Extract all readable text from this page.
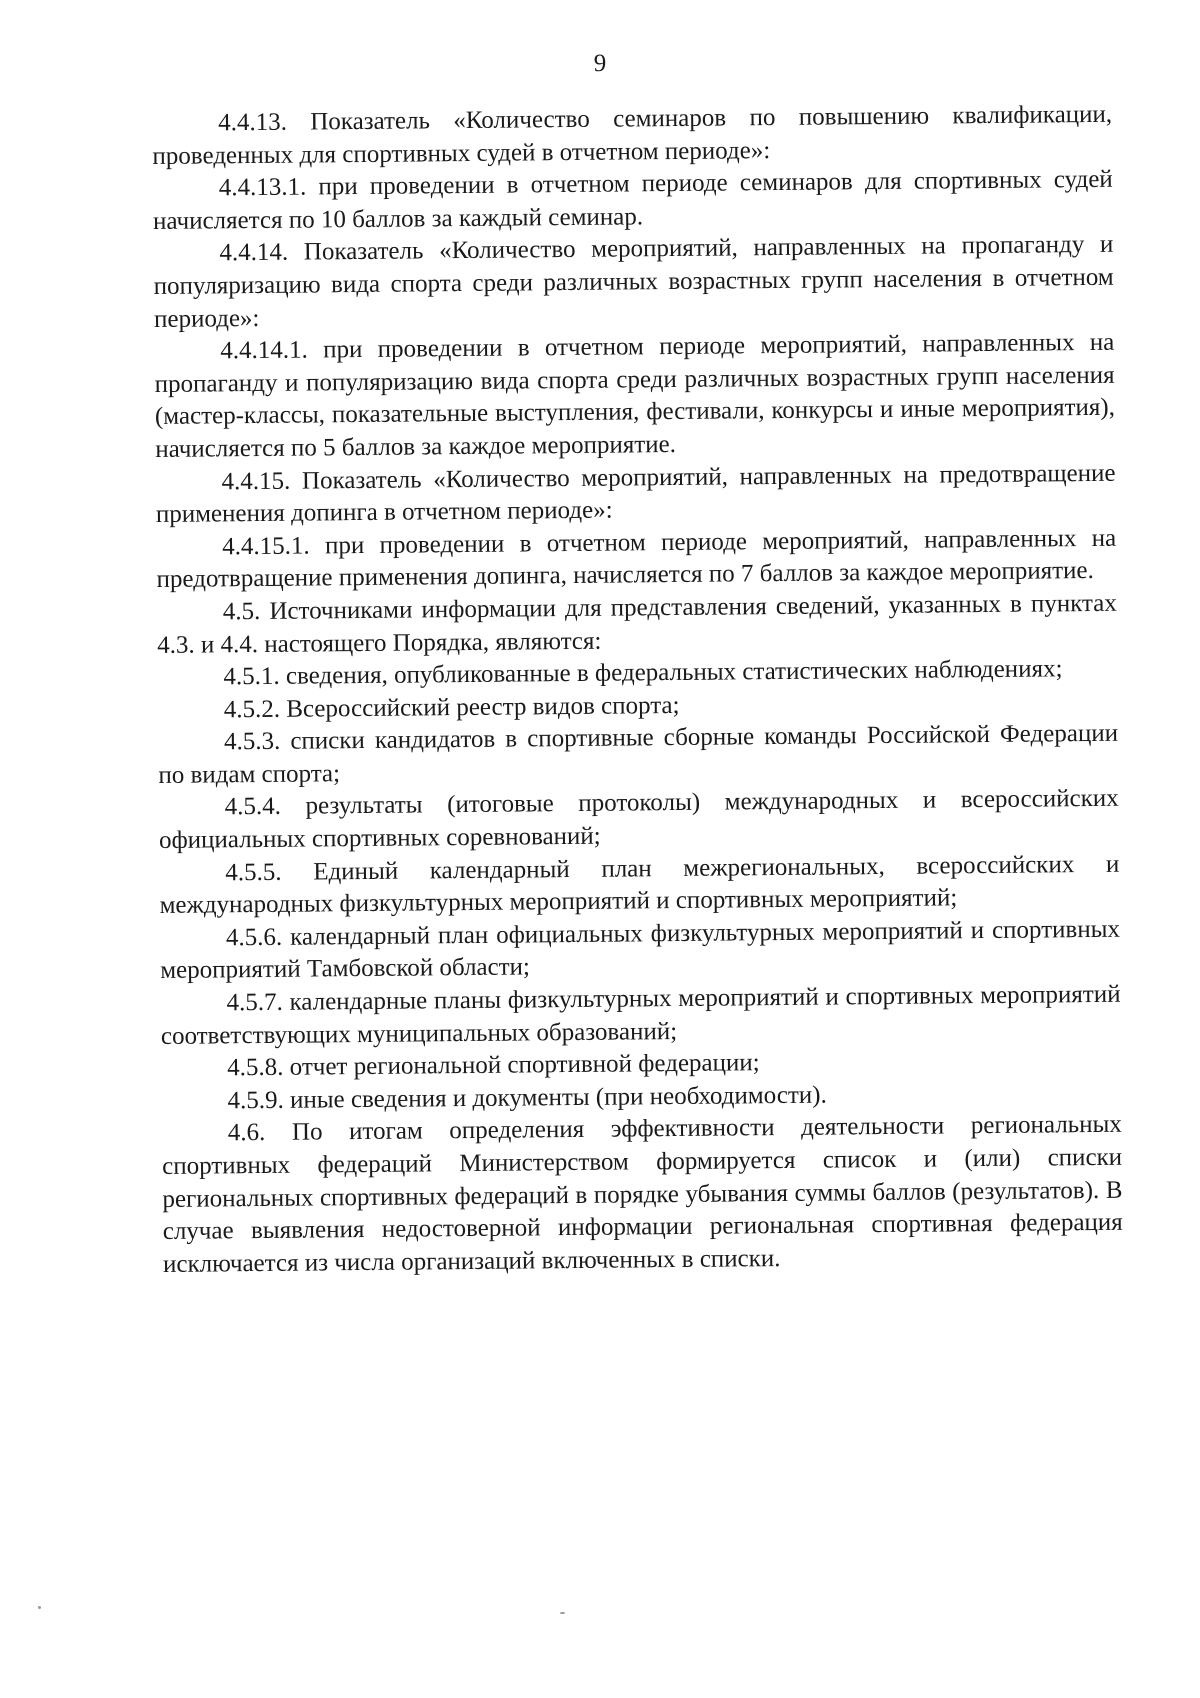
9

4.4.13. Показатель «Количество семинаров по повышению квалификации, проведенных для спортивных судей в отчетном периоде»:

4.4.13.1. при проведении в отчетном периоде семинаров для спортивных судей начисляется по 10 баллов за каждый семинар.

4.4.14. Показатель «Количество мероприятий, направленных на пропаганду и популяризацию вида спорта среди различных возрастных групп населения в отчетном периоде»:

4.4.14.1. при проведении в отчетном периоде мероприятий, направленных на пропаганду и популяризацию вида спорта среди различных возрастных групп населения (мастер-классы, показательные выступления, фестивали, конкурсы и иные мероприятия), начисляется по 5 баллов за каждое мероприятие.

4.4.15. Показатель «Количество мероприятий, направленных на предотвращение применения допинга в отчетном периоде»:

4.4.15.1. при проведении в отчетном периоде мероприятий, направленных на предотвращение применения допинга, начисляется по 7 баллов за каждое мероприятие.

4.5. Источниками информации для представления сведений, указанных в пунктах 4.3. и 4.4. настоящего Порядка, являются:

4.5.1. сведения, опубликованные в федеральных статистических наблюдениях;

4.5.2. Всероссийский реестр видов спорта;

4.5.3. списки кандидатов в спортивные сборные команды Российской Федерации по видам спорта;

4.5.4. результаты (итоговые протоколы) международных и всероссийских официальных спортивных соревнований;

4.5.5. Единый календарный план межрегиональных, всероссийских и международных физкультурных мероприятий и спортивных мероприятий;

4.5.6. календарный план официальных физкультурных мероприятий и спортивных мероприятий Тамбовской области;

4.5.7. календарные планы физкультурных мероприятий и спортивных мероприятий соответствующих муниципальных образований;

4.5.8. отчет региональной спортивной федерации;

4.5.9. иные сведения и документы (при необходимости).

4.6. По итогам определения эффективности деятельности региональных спортивных федераций Министерством формируется список и (или) списки региональных спортивных федераций в порядке убывания суммы баллов (результатов). В случае выявления недостоверной информации региональная спортивная федерация исключается из числа организаций включенных в списки.
